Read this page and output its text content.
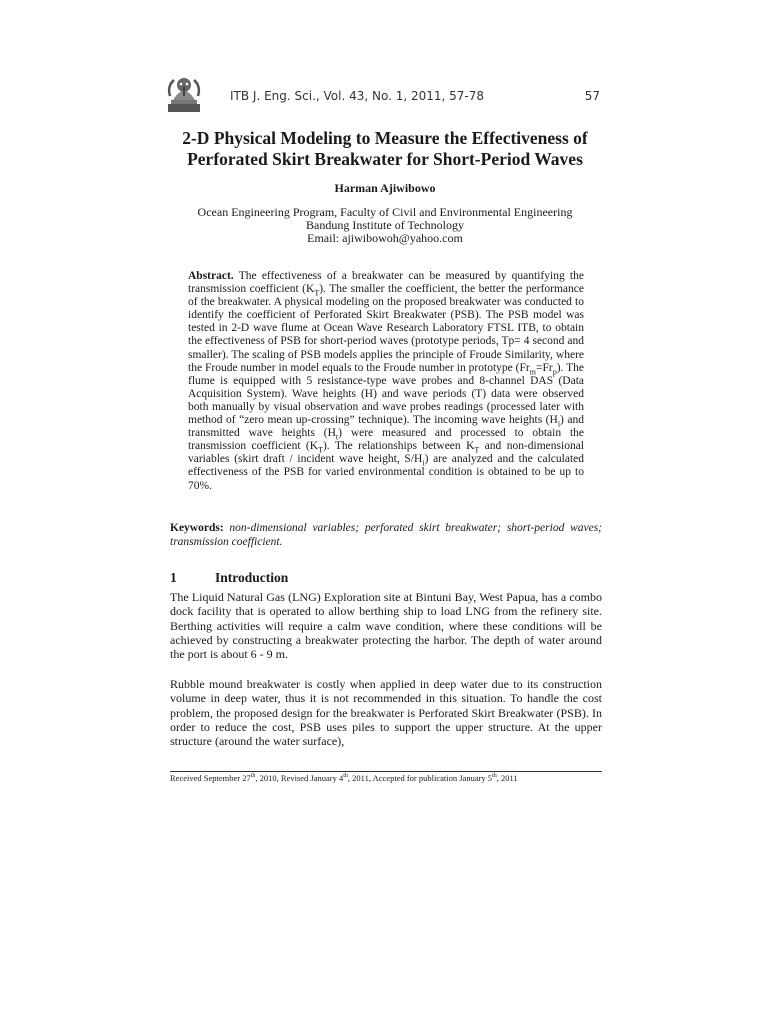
ITB J. Eng. Sci., Vol. 43, No. 1, 2011, 57-78	57
2-D Physical Modeling to Measure the Effectiveness of
Perforated Skirt Breakwater for Short-Period Waves
Harman Ajiwibowo
Ocean Engineering Program, Faculty of Civil and Environmental Engineering
Bandung Institute of Technology
Email: ajiwibowoh@yahoo.com
Abstract. The effectiveness of a breakwater can be measured by quantifying the transmission coefficient $(K_T)$. The smaller the coefficient, the better the performance of the breakwater. A physical modeling on the proposed breakwater was conducted to identify the coefficient of Perforated Skirt Breakwater (PSB). The PSB model was tested in 2-D wave flume at Ocean Wave Research Laboratory FTSL ITB, to obtain the effectiveness of PSB for short-period waves (prototype periods, Tp= 4 second and smaller). The scaling of PSB models applies the principle of Froude Similarity, where the Froude number in model equals to the Froude number in prototype $(Fr_m=Fr_p)$. The flume is equipped with 5 resistance-type wave probes and 8-channel DAS (Data Acquisition System). Wave heights (H) and wave periods (T) data were observed both manually by visual observation and wave probes readings (processed later with method of “zero mean up-crossing” technique). The incoming wave heights $(H_i)$ and transmitted wave heights $(H_t)$ were measured and processed to obtain the transmission coefficient $(K_T)$. The relationships between $K_T$ and non-dimensional variables (skirt draft / incident wave height, $S/H_i$) are analyzed and the calculated effectiveness of the PSB for varied environmental condition is obtained to be up to 70%.
Keywords: non-dimensional variables; perforated skirt breakwater; short-period waves; transmission coefficient.
1	Introduction
The Liquid Natural Gas (LNG) Exploration site at Bintuni Bay, West Papua, has a combo dock facility that is operated to allow berthing ship to load LNG from the refinery site. Berthing activities will require a calm wave condition, where these conditions will be achieved by constructing a breakwater protecting the harbor. The depth of water around the port is about 6 - 9 m.
Rubble mound breakwater is costly when applied in deep water due to its construction volume in deep water, thus it is not recommended in this situation. To handle the cost problem, the proposed design for the breakwater is Perforated Skirt Breakwater (PSB). In order to reduce the cost, PSB uses piles to support the upper structure. At the upper structure (around the water surface),
Received September 27th, 2010, Revised January 4th, 2011, Accepted for publication January 5th, 2011
